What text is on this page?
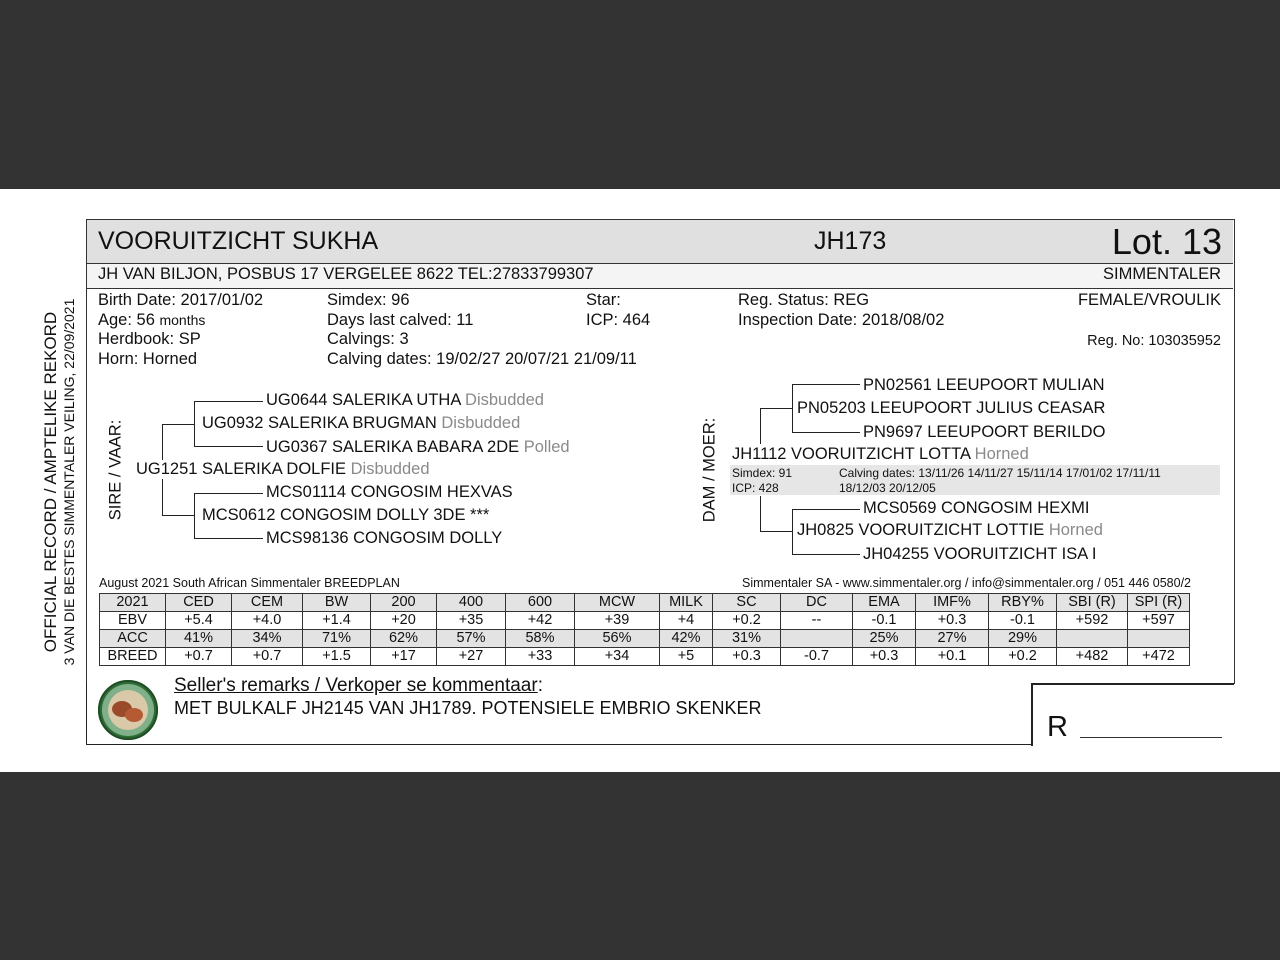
OFFICIAL RECORD / AMPTELIKE REKORD 3 VAN DIE BESTES SIMMENTALER VEILING, 22/09/2021
VOORUITZICHT SUKHA	JH173	Lot. 13
JH VAN BILJON, POSBUS 17 VERGELEE 8622 TEL:27833799307	SIMMENTALER
Birth Date: 2017/01/02
Age: 56 months
Herdbook: SP
Horn: Horned
Simdex: 96
Days last calved: 11
Calvings: 3
Calving dates: 19/02/27 20/07/21 21/09/11
Star:
ICP: 464
Reg. Status: REG
Inspection Date: 2018/08/02
FEMALE/VROULIK
Reg. No: 103035952
SIRE / VAAR:
UG0644 SALERIKA UTHA Disbudded
UG0932 SALERIKA BRUGMAN Disbudded
UG0367 SALERIKA BABARA 2DE Polled
UG1251 SALERIKA DOLFIE Disbudded
MCS01114 CONGOSIM HEXVAS
MCS0612 CONGOSIM DOLLY 3DE ***
MCS98136 CONGOSIM DOLLY
DAM / MOER:
PN02561 LEEUPOORT MULIAN
PN05203 LEEUPOORT JULIUS CEASAR
PN9697 LEEUPOORT BERILDO
JH1112 VOORUITZICHT LOTTA Horned
Simdex: 91
ICP: 428
Calving dates: 13/11/26 14/11/27 15/11/14 17/01/02 17/11/11
18/12/03 20/12/05
MCS0569 CONGOSIM HEXMI
JH0825 VOORUITZICHT LOTTIE Horned
JH04255 VOORUITZICHT ISA I
August 2021 South African Simmentaler BREEDPLAN	Simmentaler SA - www.simmentaler.org / info@simmentaler.org / 051 446 0580/2
2021	CED	CEM	BW	200	400	600	MCW	MILK	SC	DC	EMA	IMF%	RBY%	SBI (R)	SPI (R)
EBV	+5.4	+4.0	+1.4	+20	+35	+42	+39	+4	+0.2	--	-0.1	+0.3	-0.1	+592	+597
ACC	41%	34%	71%	62%	57%	58%	56%	42%	31%		25%	27%	29%		
BREED	+0.7	+0.7	+1.5	+17	+27	+33	+34	+5	+0.3	-0.7	+0.3	+0.1	+0.2	+482	+472
Seller's remarks / Verkoper se kommentaar:
MET BULKALF JH2145 VAN JH1789. POTENSIELE EMBRIO SKENKER
R
